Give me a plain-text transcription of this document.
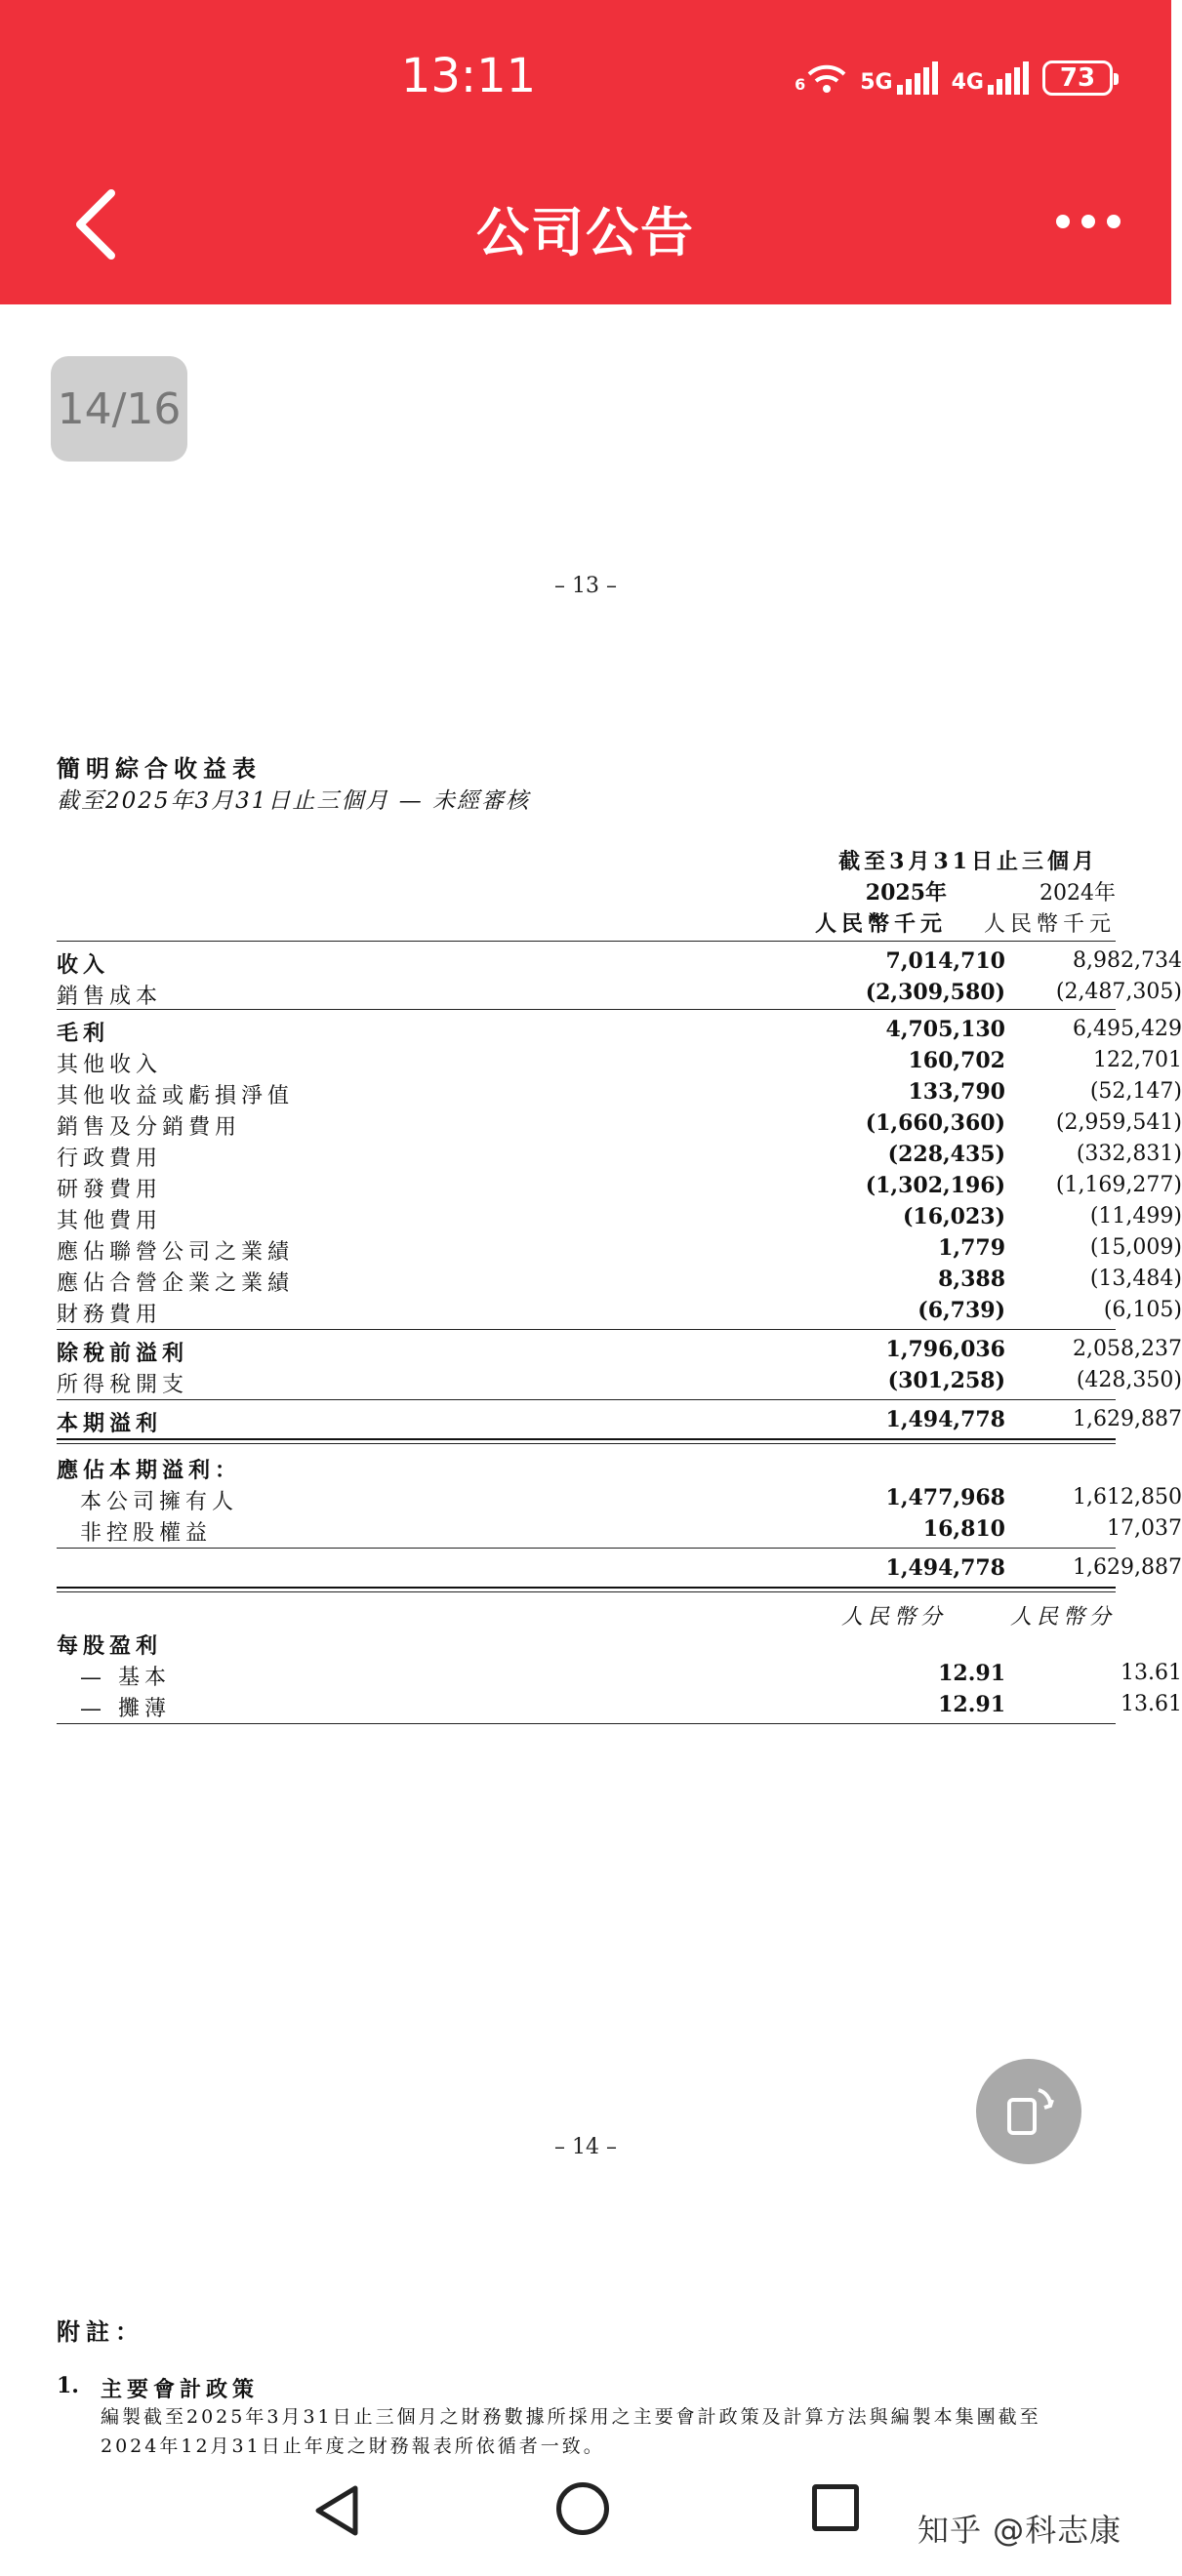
13:11	6	5G	4G	73
公司公告
14/16
– 13 –
簡明綜合收益表
截至2025年3月31日止三個月 — 未經審核
截至3月31日止三個月
2025年	2024年
人民幣千元	人民幣千元
收入	7,014,710	8,982,734
銷售成本	(2,309,580)	(2,487,305)
毛利	4,705,130	6,495,429
其他收入	160,702	122,701
其他收益或虧損淨值	133,790	(52,147)
銷售及分銷費用	(1,660,360)	(2,959,541)
行政費用	(228,435)	(332,831)
研發費用	(1,302,196)	(1,169,277)
其他費用	(16,023)	(11,499)
應佔聯營公司之業績	1,779	(15,009)
應佔合營企業之業績	8,388	(13,484)
財務費用	(6,739)	(6,105)
除稅前溢利	1,796,036	2,058,237
所得稅開支	(301,258)	(428,350)
本期溢利	1,494,778	1,629,887
應佔本期溢利：
本公司擁有人	1,477,968	1,612,850
非控股權益	16,810	17,037
1,494,778	1,629,887
人民幣分	人民幣分
每股盈利
— 基本	12.91	13.61
— 攤薄	12.91	13.61
– 14 –
附註：
1. 主要會計政策
編製截至2025年3月31日止三個月之財務數據所採用之主要會計政策及計算方法與編製本集團截至
2024年12月31日止年度之財務報表所依循者一致。
知乎 @科志康
